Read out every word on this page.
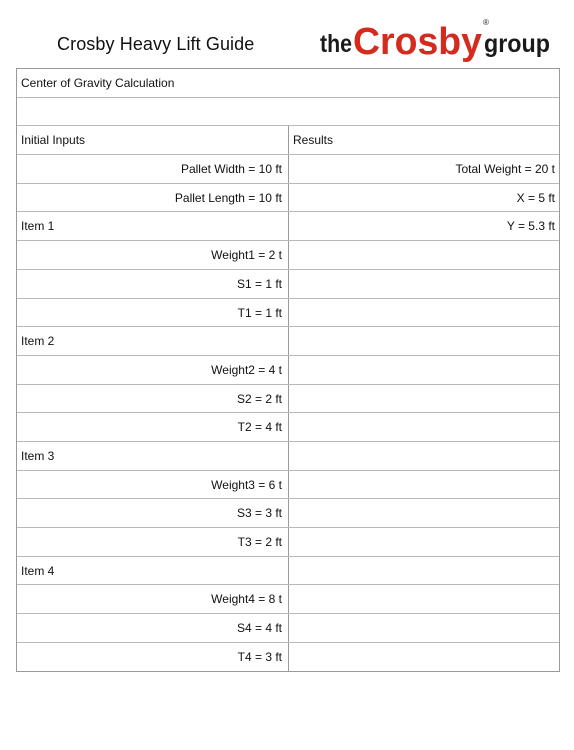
Crosby Heavy Lift Guide	the Crosby group
®
Center of Gravity Calculation
Initial Inputs	Results
Pallet Width = 10 ft	Total Weight = 20 t
Pallet Length = 10 ft	X = 5 ft
Item 1	Y = 5.3 ft
Weight1 = 2 t
S1 = 1 ft
T1 = 1 ft
Item 2
Weight2 = 4 t
S2 = 2 ft
T2 = 4 ft
Item 3
Weight3 = 6 t
S3 = 3 ft
T3 = 2 ft
Item 4
Weight4 = 8 t
S4 = 4 ft
T4 = 3 ft
